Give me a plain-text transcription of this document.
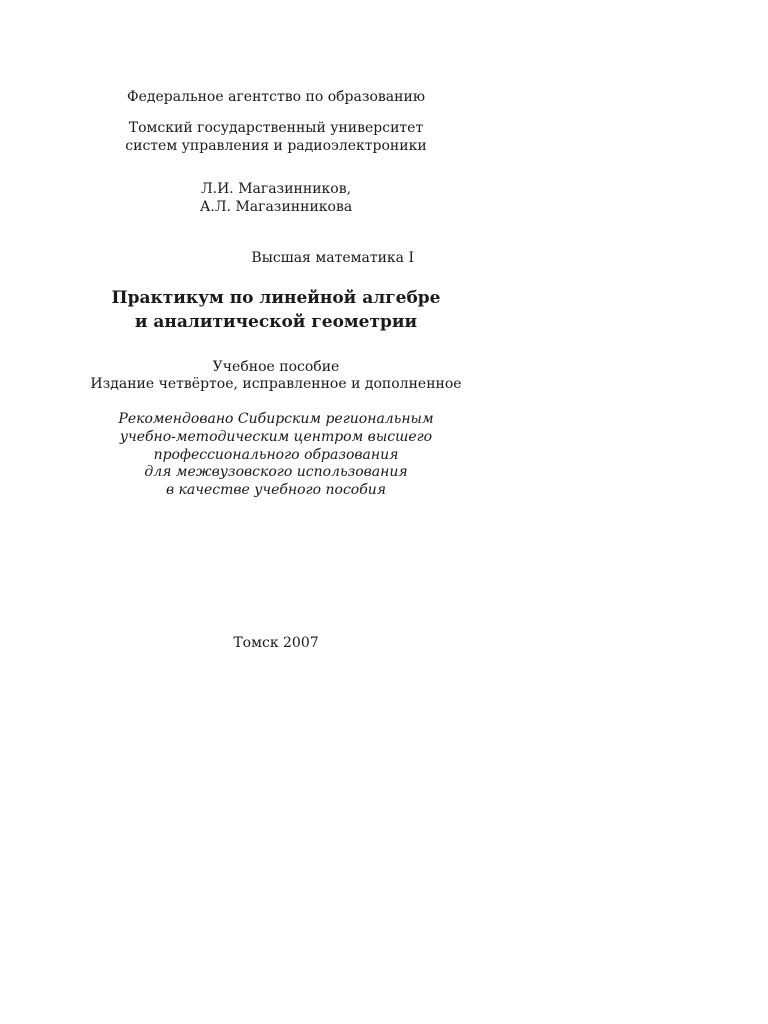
Федеральное агентство по образованию
Томский государственный университет
систем управления и радиоэлектроники
Л.И. Магазинников,
А.Л. Магазинникова
Высшая математика I
Практикум по линейной алгебре
и аналитической геометрии
Учебное пособие
Издание четвёртое, исправленное и дополненное
Рекомендовано Сибирским региональным
учебно-методическим центром высшего
профессионального образования
для межвузовского использования
в качестве учебного пособия
Томск 2007
